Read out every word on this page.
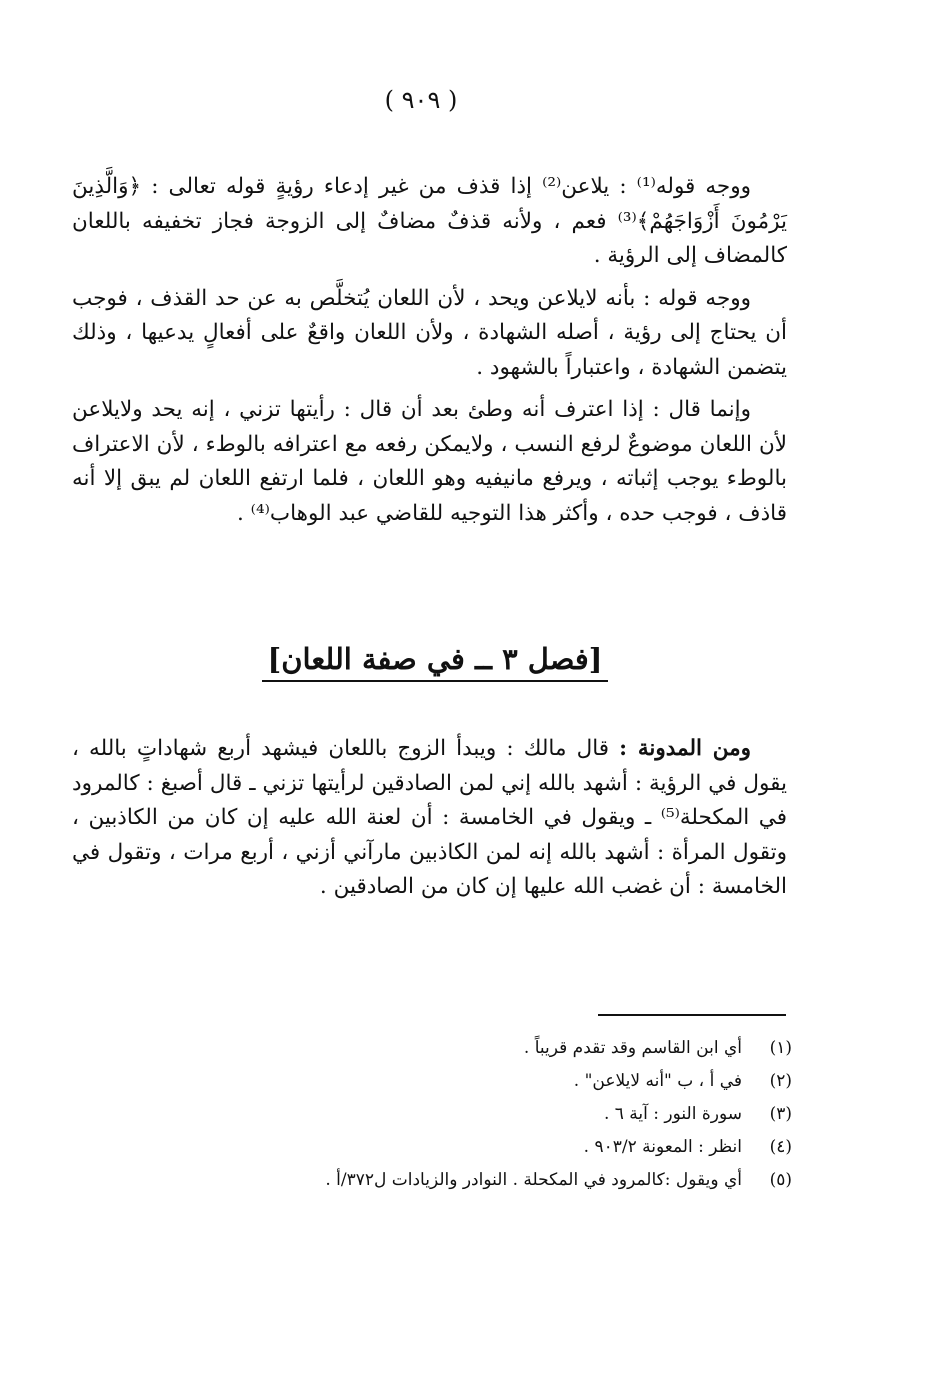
( ٩٠٩ )

ووجه قوله⁽¹⁾ : يلاعن⁽²⁾ إذا قذف من غير إدعاء رؤيةٍ قوله تعالى : ﴿وَالَّذِينَ يَرْمُونَ أَزْوَاجَهُمْ﴾⁽³⁾ فعم ، ولأنه قذفٌ مضافٌ إلى الزوجة فجاز تخفيفه باللعان كالمضاف إلى الرؤية .

ووجه قوله : بأنه لايلاعن ويحد ، لأن اللعان يُتخلَّص به عن حد القذف ، فوجب أن يحتاج إلى رؤية ، أصله الشهادة ، ولأن اللعان واقعٌ على أفعالٍ يدعيها ، وذلك يتضمن الشهادة ، واعتباراً بالشهود .

وإنما قال : إذا اعترف أنه وطئ بعد أن قال : رأيتها تزني ، إنه يحد ولايلاعن لأن اللعان موضوعٌ لرفع النسب ، ولايمكن رفعه مع اعترافه بالوطء ، لأن الاعتراف بالوطء يوجب إثباته ، ويرفع مانيفيه وهو اللعان ، فلما ارتفع اللعان لم يبق إلا أنه قاذف ، فوجب حده ، وأكثر هذا التوجيه للقاضي عبد الوهاب⁽⁴⁾ .

[فصل ٣ ــ في صفة اللعان]

ومن المدونة : قال مالك : ويبدأ الزوج باللعان فيشهد أربع شهاداتٍ بالله ، يقول في الرؤية : أشهد بالله إني لمن الصادقين لرأيتها تزني ـ قال أصبغ : كالمرود في المكحلة⁽⁵⁾ ـ ويقول في الخامسة : أن لعنة الله عليه إن كان من الكاذبين ، وتقول المرأة : أشهد بالله إنه لمن الكاذبين مارآني أزني ، أربع مرات ، وتقول في الخامسة : أن غضب الله عليها إن كان من الصادقين .

(١)أي ابن القاسم وقد تقدم قريباً .
(٢)في أ ، ب "أنه لايلاعن" .
(٣)سورة النور : آية ٦ .
(٤)انظر : المعونة ٩٠٣/٢ .
(٥)أي ويقول :كالمرود في المكحلة . النوادر والزيادات ل٣٧٢/أ .
